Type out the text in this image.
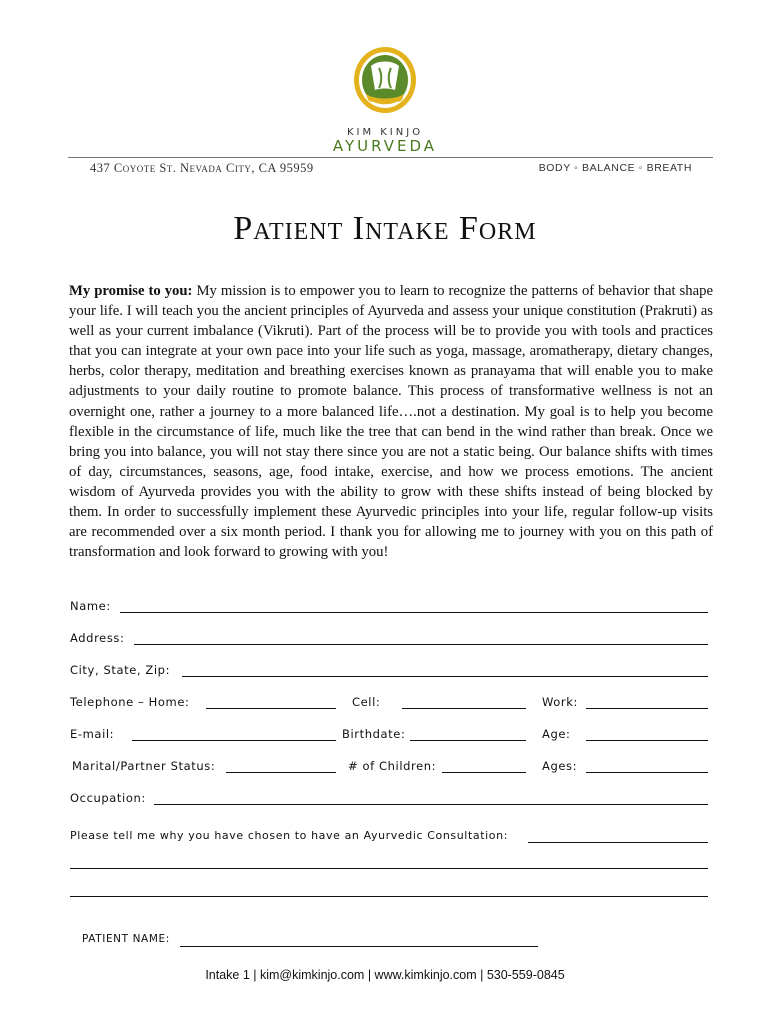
KIM KINJO
AYURVEDA
437 Coyote St. Nevada City, CA 95959	BODY ◦ BALANCE ◦ BREATH
Patient Intake Form

My promise to you: My mission is to empower you to learn to recognize the patterns of behavior that shape your life. I will teach you the ancient principles of Ayurveda and assess your unique constitution (Prakruti) as well as your current imbalance (Vikruti). Part of the process will be to provide you with tools and practices that you can integrate at your own pace into your life such as yoga, massage, aromatherapy, dietary changes, herbs, color therapy, meditation and breathing exercises known as pranayama that will enable you to make adjustments to your daily routine to promote balance. This process of transformative wellness is not an overnight one, rather a journey to a more balanced life….not a destination. My goal is to help you become flexible in the circumstance of life, much like the tree that can bend in the wind rather than break. Once we bring you into balance, you will not stay there since you are not a static being. Our balance shifts with times of day, circumstances, seasons, age, food intake, exercise, and how we process emotions. The ancient wisdom of Ayurveda provides you with the ability to grow with these shifts instead of being blocked by them. In order to successfully implement these Ayurvedic principles into your life, regular follow-up visits are recommended over a six month period. I thank you for allowing me to journey with you on this path of transformation and look forward to growing with you!

Name:
Address:
City, State, Zip:
Telephone – Home:	Cell:	Work:
E-mail:	Birthdate:	Age:
Marital/Partner Status:	# of Children:	Ages:
Occupation:
Please tell me why you have chosen to have an Ayurvedic Consultation:
PATIENT NAME:
Intake 1 | kim@kimkinjo.com | www.kimkinjo.com | 530-559-0845
